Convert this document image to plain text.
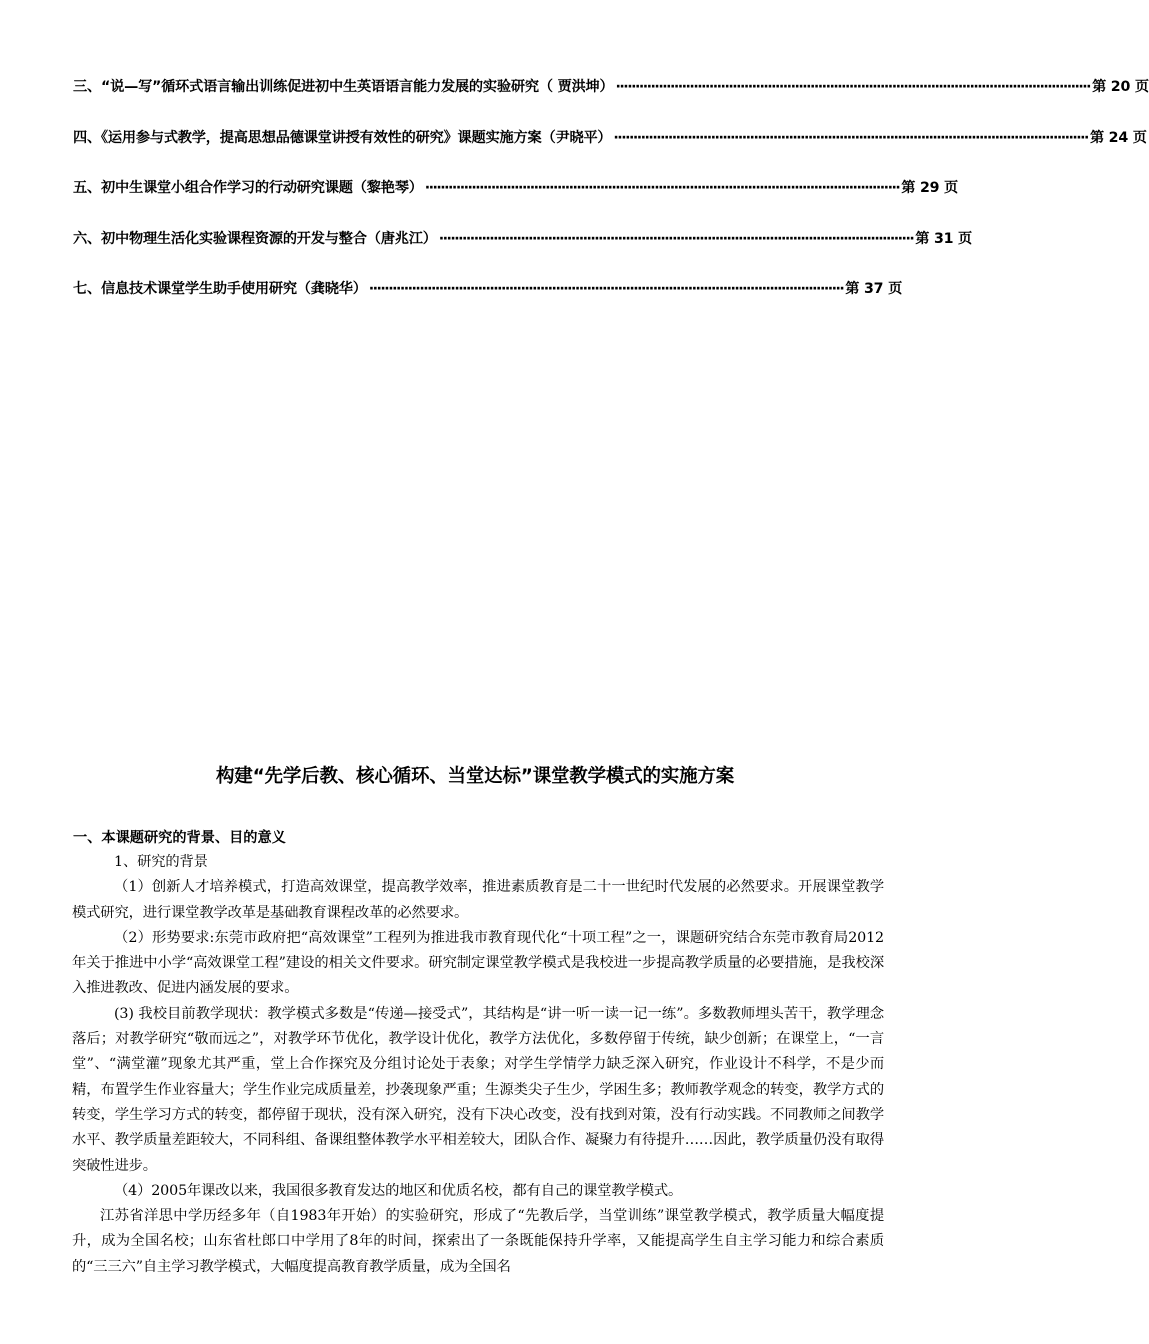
三、“说—写”循环式语言输出训练促进初中生英语语言能力发展的实验研究（ 贾洪坤） ·························································································································· 第 20 页
四、《运用参与式教学，提高思想品德课堂讲授有效性的研究》课题实施方案（尹晓平） ·························································································································· 第 24 页
五、初中生课堂小组合作学习的行动研究课题（黎艳琴） ·························································································································· 第 29 页
六、初中物理生活化实验课程资源的开发与整合（唐兆江） ·························································································································· 第 31 页
七、信息技术课堂学生助手使用研究（龚晓华） ·························································································································· 第 37 页
构建“先学后教、核心循环、当堂达标”课堂教学模式的实施方案
一、本课题研究的背景、目的意义

1、研究的背景

（1）创新人才培养模式，打造高效课堂，提高教学效率，推进素质教育是二十一世纪时代发展的必然要求。开展课堂教学模式研究，进行课堂教学改革是基础教育课程改革的必然要求。

（2）形势要求:东莞市政府把“高效课堂”工程列为推进我市教育现代化“十项工程”之一，课题研究结合东莞市教育局2012年关于推进中小学“高效课堂工程”建设的相关文件要求。研究制定课堂教学模式是我校进一步提高教学质量的必要措施，是我校深入推进教改、促进内涵发展的要求。

(3) 我校目前教学现状：教学模式多数是“传递—接受式”，其结构是“讲一听一读一记一练”。多数教师埋头苦干，教学理念落后；对教学研究“敬而远之”，对教学环节优化，教学设计优化，教学方法优化，多数停留于传统，缺少创新；在课堂上，“一言堂”、“满堂灌”现象尤其严重，堂上合作探究及分组讨论处于表象；对学生学情学力缺乏深入研究，作业设计不科学，不是少而精，布置学生作业容量大；学生作业完成质量差，抄袭现象严重；生源类尖子生少，学困生多；教师教学观念的转变，教学方式的转变，学生学习方式的转变，都停留于现状，没有深入研究，没有下决心改变，没有找到对策，没有行动实践。不同教师之间教学水平、教学质量差距较大，不同科组、备课组整体教学水平相差较大，团队合作、凝聚力有待提升……因此，教学质量仍没有取得突破性进步。

（4）2005年课改以来，我国很多教育发达的地区和优质名校，都有自己的课堂教学模式。

江苏省洋思中学历经多年（自1983年开始）的实验研究，形成了“先教后学，当堂训练”课堂教学模式，教学质量大幅度提升，成为全国名校；山东省杜郎口中学用了8年的时间，探索出了一条既能保持升学率，又能提高学生自主学习能力和综合素质的“三三六”自主学习教学模式，大幅度提高教育教学质量，成为全国名
